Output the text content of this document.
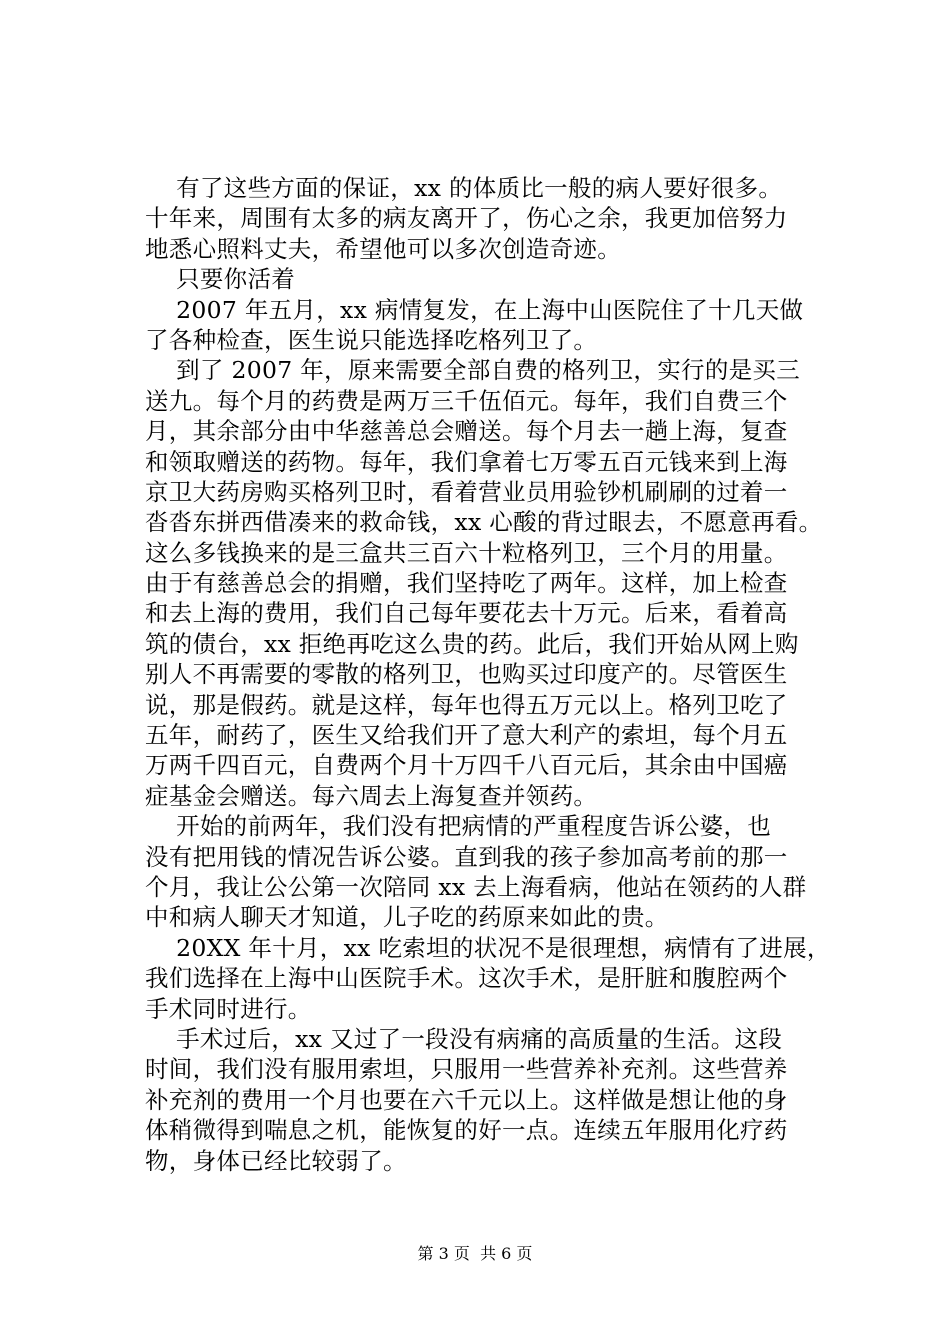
有了这些方面的保证，xx 的体质比一般的病人要好很多。
十年来，周围有太多的病友离开了，伤心之余，我更加倍努力
地悉心照料丈夫，希望他可以多次创造奇迹。
只要你活着
2007 年五月，xx 病情复发，在上海中山医院住了十几天做
了各种检查，医生说只能选择吃格列卫了。
到了 2007 年，原来需要全部自费的格列卫，实行的是买三
送九。每个月的药费是两万三千伍佰元。每年，我们自费三个
月，其余部分由中华慈善总会赠送。每个月去一趟上海，复查
和领取赠送的药物。每年，我们拿着七万零五百元钱来到上海
京卫大药房购买格列卫时，看着营业员用验钞机刷刷的过着一
沓沓东拼西借凑来的救命钱，xx 心酸的背过眼去，不愿意再看。
这么多钱换来的是三盒共三百六十粒格列卫，三个月的用量。
由于有慈善总会的捐赠，我们坚持吃了两年。这样，加上检查
和去上海的费用，我们自己每年要花去十万元。后来，看着高
筑的债台，xx 拒绝再吃这么贵的药。此后，我们开始从网上购
别人不再需要的零散的格列卫，也购买过印度产的。尽管医生
说，那是假药。就是这样，每年也得五万元以上。格列卫吃了
五年，耐药了，医生又给我们开了意大利产的索坦，每个月五
万两千四百元，自费两个月十万四千八百元后，其余由中国癌
症基金会赠送。每六周去上海复查并领药。
开始的前两年，我们没有把病情的严重程度告诉公婆，也
没有把用钱的情况告诉公婆。直到我的孩子参加高考前的那一
个月，我让公公第一次陪同 xx 去上海看病，他站在领药的人群
中和病人聊天才知道，儿子吃的药原来如此的贵。
20XX 年十月，xx 吃索坦的状况不是很理想，病情有了进展，
我们选择在上海中山医院手术。这次手术，是肝脏和腹腔两个
手术同时进行。
手术过后，xx 又过了一段没有病痛的高质量的生活。这段
时间，我们没有服用索坦，只服用一些营养补充剂。这些营养
补充剂的费用一个月也要在六千元以上。这样做是想让他的身
体稍微得到喘息之机，能恢复的好一点。连续五年服用化疗药
物，身体已经比较弱了。
第 3 页  共 6 页
